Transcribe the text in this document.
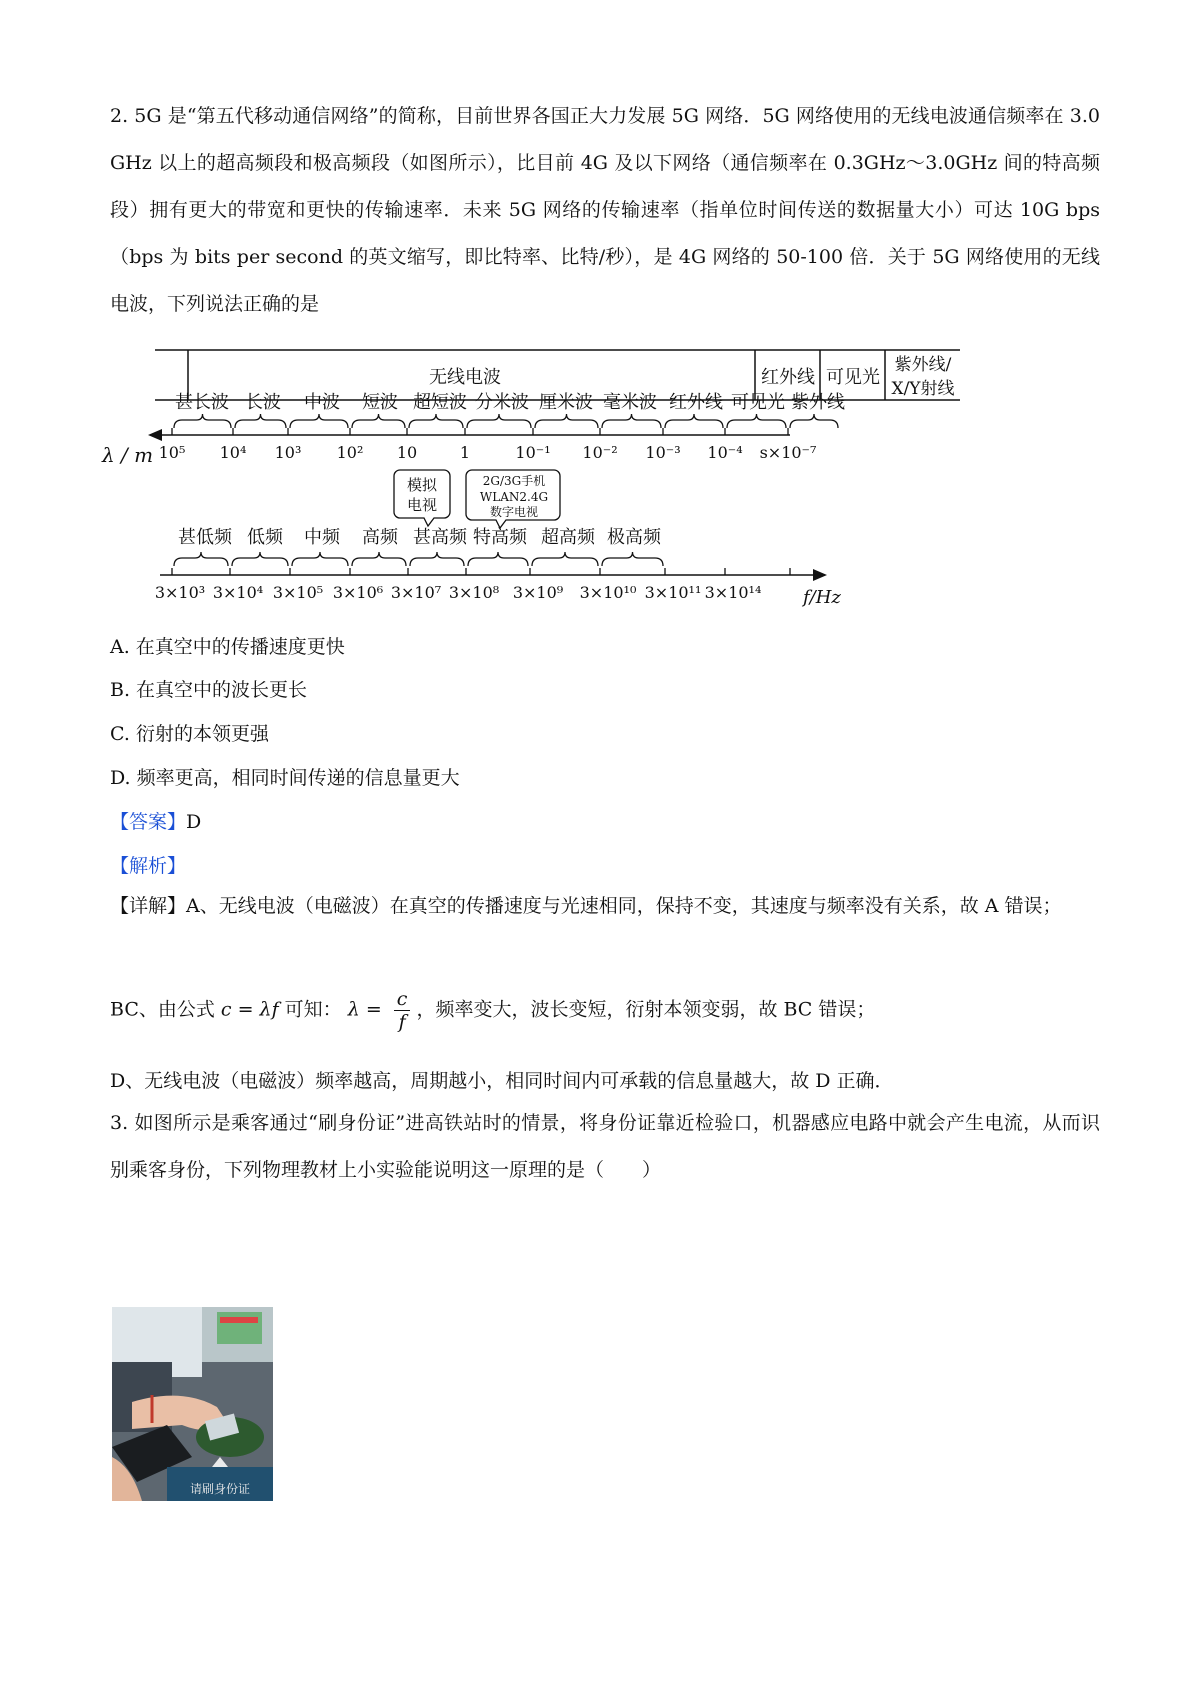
2. 5G 是“第五代移动通信网络”的简称，目前世界各国正大力发展 5G 网络．5G 网络使用的无线电波通信频率在 3.0 GHz 以上的超高频段和极高频段（如图所示），比目前 4G 及以下网络（通信频率在 0.3GHz～3.0GHz 间的特高频段）拥有更大的带宽和更快的传输速率．未来 5G 网络的传输速率（指单位时间传送的数据量大小）可达 10G bps（bps 为 bits per second 的英文缩写，即比特率、比特/秒），是 4G 网络的 50-100 倍．关于 5G 网络使用的无线电波，下列说法正确的是
无线电波	红外线 可见光
紫外线/
X/Y射线
10⁵ 10⁴ 10³ 10² 10	1	10⁻¹ 10⁻² 10⁻³ 10⁻⁴ s×10⁻⁷
甚长波 长波 中波 短波 超短波 分米波 厘米波 毫米波 红外线 可见光 紫外线
λ / m
模拟
电视
2G/3G手机
WLAN2.4G
数字电视
3×10³ 3×10⁴ 3×10⁵ 3×10⁶ 3×10⁷ 3×10⁸ 3×10⁹ 3×10¹⁰ 3×10¹¹ 3×10¹⁴
甚低频 低频 中频 高频 甚高频 特高频 超高频 极高频
f/Hz
A. 在真空中的传播速度更快
B. 在真空中的波长更长
C. 衍射的本领更强
D. 频率更高，相同时间传递的信息量更大
【答案】D
【解析】
【详解】A、无线电波（电磁波）在真空的传播速度与光速相同，保持不变，其速度与频率没有关系，故 A 错误；
BC、由公式 c = λf 可知： $\lambda = \frac{c}{f}$ ，频率变大，波长变短，衍射本领变弱，故 BC 错误；
D、无线电波（电磁波）频率越高，周期越小，相同时间内可承载的信息量越大，故 D 正确．
3. 如图所示是乘客通过“刷身份证”进高铁站时的情景，将身份证靠近检验口，机器感应电路中就会产生电流，从而识别乘客身份，下列物理教材上小实验能说明这一原理的是（　　）
请刷身份证
